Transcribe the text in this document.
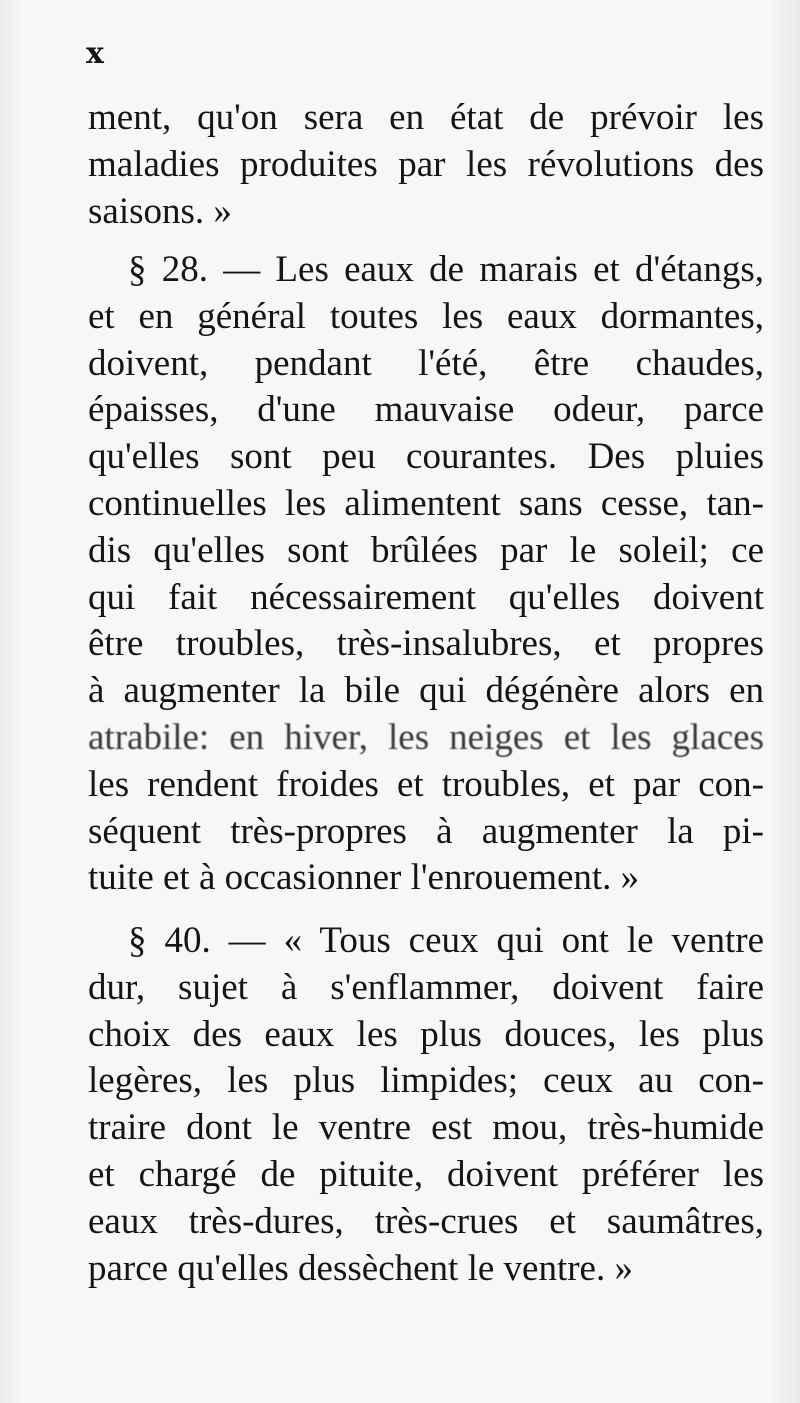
x
ment, qu'on sera en état de prévoir les
maladies produites par les révolutions des
saisons. »
§ 28. — Les eaux de marais et d'étangs,
et en général toutes les eaux dormantes,
doivent, pendant l'été, être chaudes,
épaisses, d'une mauvaise odeur, parce
qu'elles sont peu courantes. Des pluies
continuelles les alimentent sans cesse, tan-
dis qu'elles sont brûlées par le soleil; ce
qui fait nécessairement qu'elles doivent
être troubles, très-insalubres, et propres
à augmenter la bile qui dégénère alors en
atrabile: en hiver, les neiges et les glaces
les rendent froides et troubles, et par con-
séquent très-propres à augmenter la pi-
tuite et à occasionner l'enrouement. »
§ 40. — « Tous ceux qui ont le ventre
dur, sujet à s'enflammer, doivent faire
choix des eaux les plus douces, les plus
legères, les plus limpides; ceux au con-
traire dont le ventre est mou, très-humide
et chargé de pituite, doivent préférer les
eaux très-dures, très-crues et saumâtres,
parce qu'elles dessèchent le ventre. »
